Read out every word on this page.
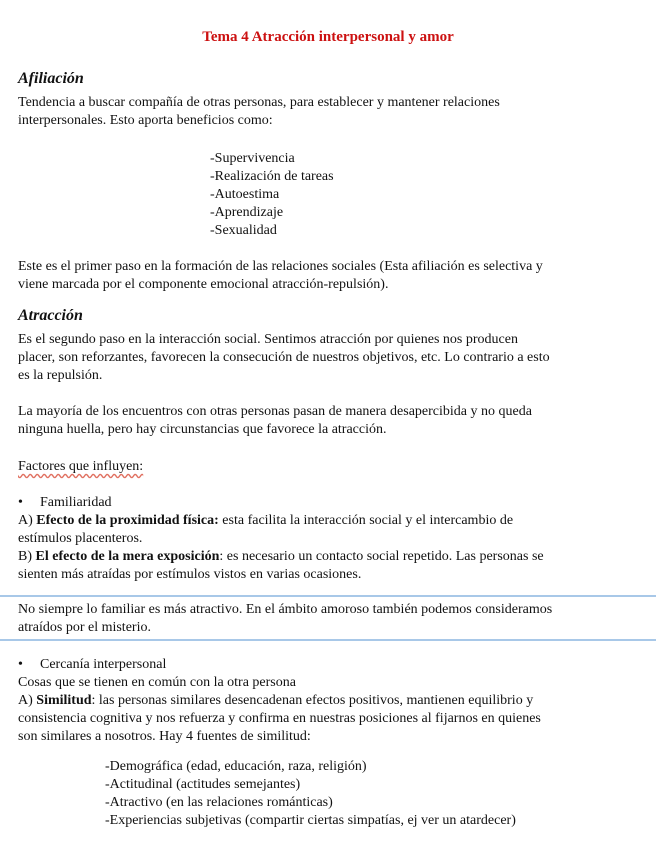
Tema 4 Atracción interpersonal y amor
Afiliación
Tendencia a buscar compañía de otras personas, para establecer y mantener relaciones
interpersonales. Esto aporta beneficios como:
-Supervivencia
-Realización de tareas
-Autoestima
-Aprendizaje
-Sexualidad
Este es el primer paso en la formación de las relaciones sociales (Esta afiliación es selectiva y
viene marcada por el componente emocional atracción-repulsión).
Atracción
Es el segundo paso en la interacción social. Sentimos atracción por quienes nos producen
placer, son reforzantes, favorecen la consecución de nuestros objetivos, etc. Lo contrario a esto
es la repulsión.
La mayoría de los encuentros con otras personas pasan de manera desapercibida y no queda
ninguna huella, pero hay circunstancias que favorece la atracción.
Factores que influyen:
• Familiaridad
A) Efecto de la proximidad física: esta facilita la interacción social y el intercambio de
estímulos placenteros.
B) El efecto de la mera exposición: es necesario un contacto social repetido. Las personas se
sienten más atraídas por estímulos vistos en varias ocasiones.
No siempre lo familiar es más atractivo. En el ámbito amoroso también podemos consideramos
atraídos por el misterio.
• Cercanía interpersonal
Cosas que se tienen en común con la otra persona
A) Similitud: las personas similares desencadenan efectos positivos, mantienen equilibrio y
consistencia cognitiva y nos refuerza y confirma en nuestras posiciones al fijarnos en quienes
son similares a nosotros. Hay 4 fuentes de similitud:
-Demográfica (edad, educación, raza, religión)
-Actitudinal (actitudes semejantes)
-Atractivo (en las relaciones románticas)
-Experiencias subjetivas (compartir ciertas simpatías, ej ver un atardecer)
